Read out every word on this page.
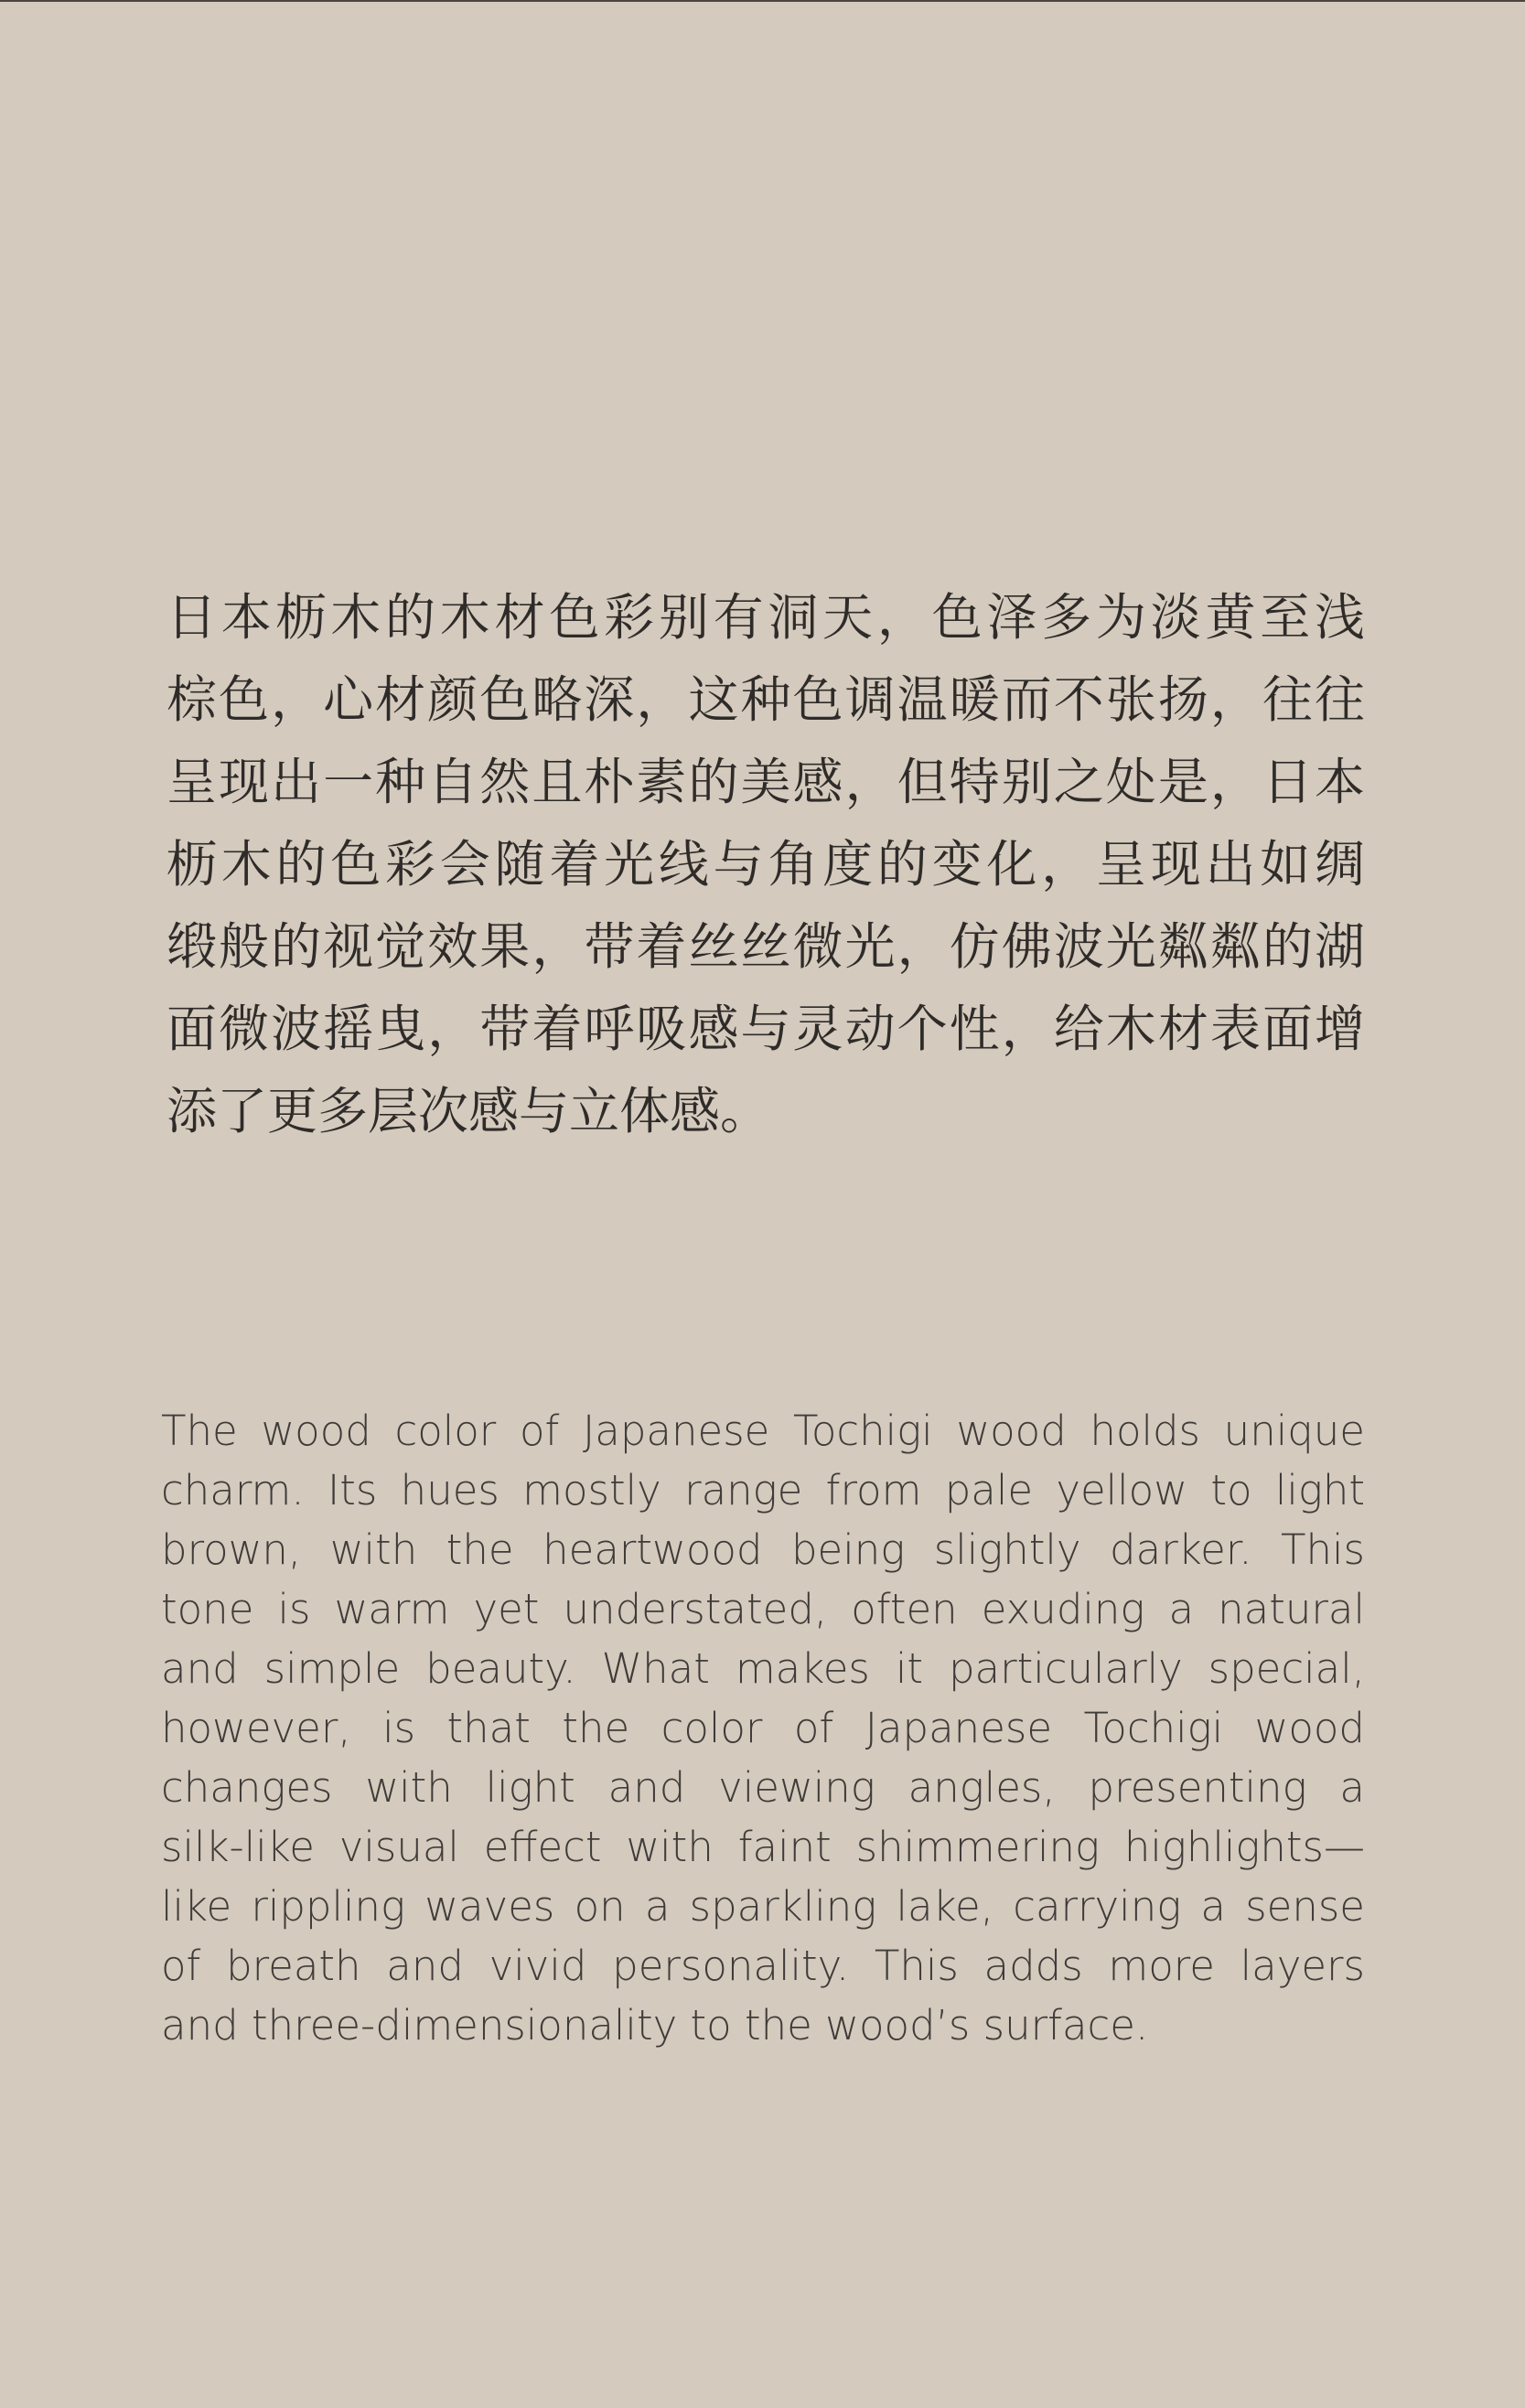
日本枥木的木材色彩别有洞天，色泽多为淡黄至浅
棕色，心材颜色略深，这种色调温暖而不张扬，往往
呈现出一种自然且朴素的美感，但特别之处是，日本
枥木的色彩会随着光线与角度的变化，呈现出如绸
缎般的视觉效果，带着丝丝微光，仿佛波光粼粼的湖
面微波摇曳，带着呼吸感与灵动个性，给木材表面增
添了更多层次感与立体感。
The wood color of Japanese Tochigi wood holds unique
charm. Its hues mostly range from pale yellow to light
brown, with the heartwood being slightly darker. This
tone is warm yet understated, often exuding a natural
and simple beauty. What makes it particularly special,
however, is that the color of Japanese Tochigi wood
changes with light and viewing angles, presenting a
silk-like visual effect with faint shimmering highlights—
like rippling waves on a sparkling lake, carrying a sense
of breath and vivid personality. This adds more layers
and three-dimensionality to the wood’s surface.
